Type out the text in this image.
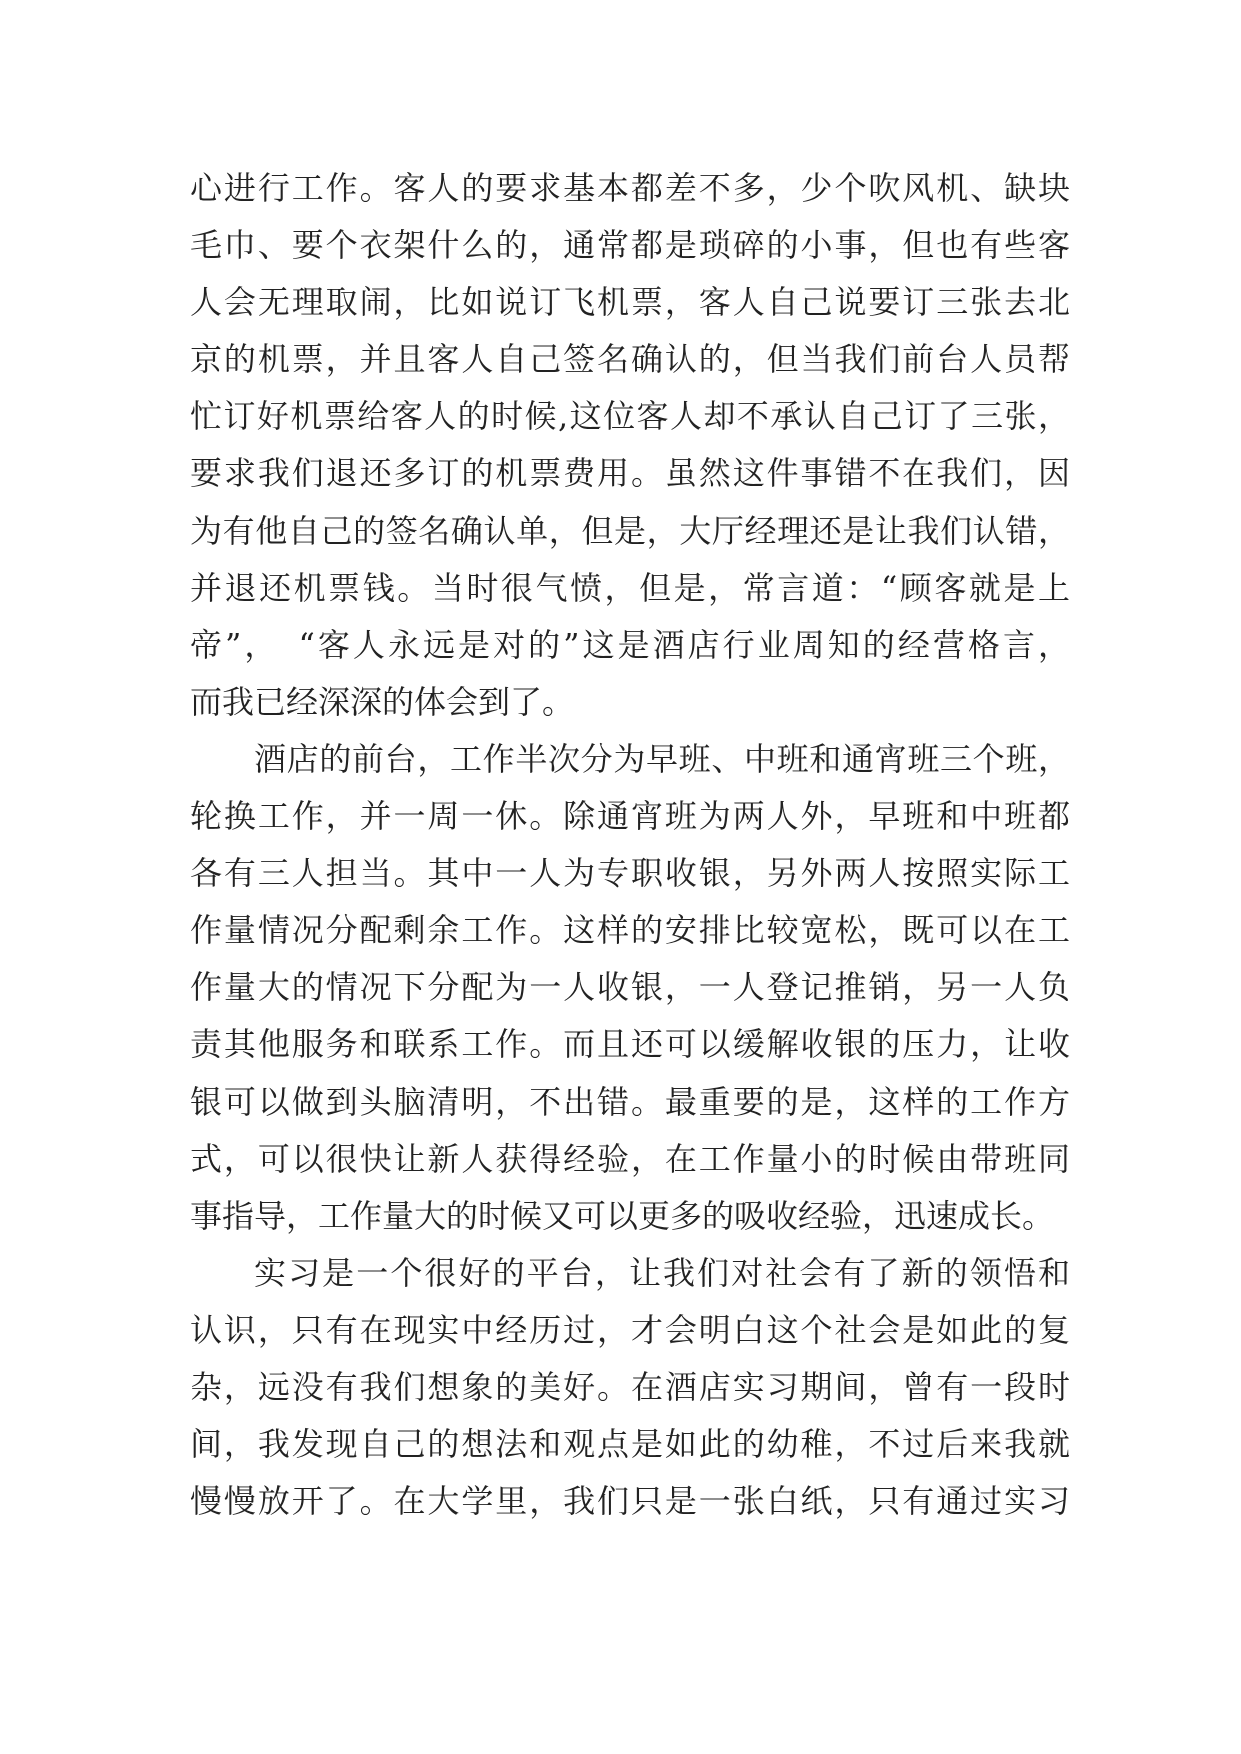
心进行工作。客人的要求基本都差不多，少个吹风机、缺块
毛巾、要个衣架什么的，通常都是琐碎的小事，但也有些客
人会无理取闹，比如说订飞机票，客人自己说要订三张去北
京的机票，并且客人自己签名确认的，但当我们前台人员帮
忙订好机票给客人的时候,这位客人却不承认自己订了三张，
要求我们退还多订的机票费用。虽然这件事错不在我们，因
为有他自己的签名确认单，但是，大厅经理还是让我们认错，
并退还机票钱。当时很气愤，但是，常言道：“顾客就是上
帝”，　“客人永远是对的”这是酒店行业周知的经营格言，
而我已经深深的体会到了。
酒店的前台，工作半次分为早班、中班和通宵班三个班，
轮换工作，并一周一休。除通宵班为两人外，早班和中班都
各有三人担当。其中一人为专职收银，另外两人按照实际工
作量情况分配剩余工作。这样的安排比较宽松，既可以在工
作量大的情况下分配为一人收银，一人登记推销，另一人负
责其他服务和联系工作。而且还可以缓解收银的压力，让收
银可以做到头脑清明，不出错。最重要的是，这样的工作方
式，可以很快让新人获得经验，在工作量小的时候由带班同
事指导，工作量大的时候又可以更多的吸收经验，迅速成长。
实习是一个很好的平台，让我们对社会有了新的领悟和
认识，只有在现实中经历过，才会明白这个社会是如此的复
杂，远没有我们想象的美好。在酒店实习期间，曾有一段时
间，我发现自己的想法和观点是如此的幼稚，不过后来我就
慢慢放开了。在大学里，我们只是一张白纸，只有通过实习
